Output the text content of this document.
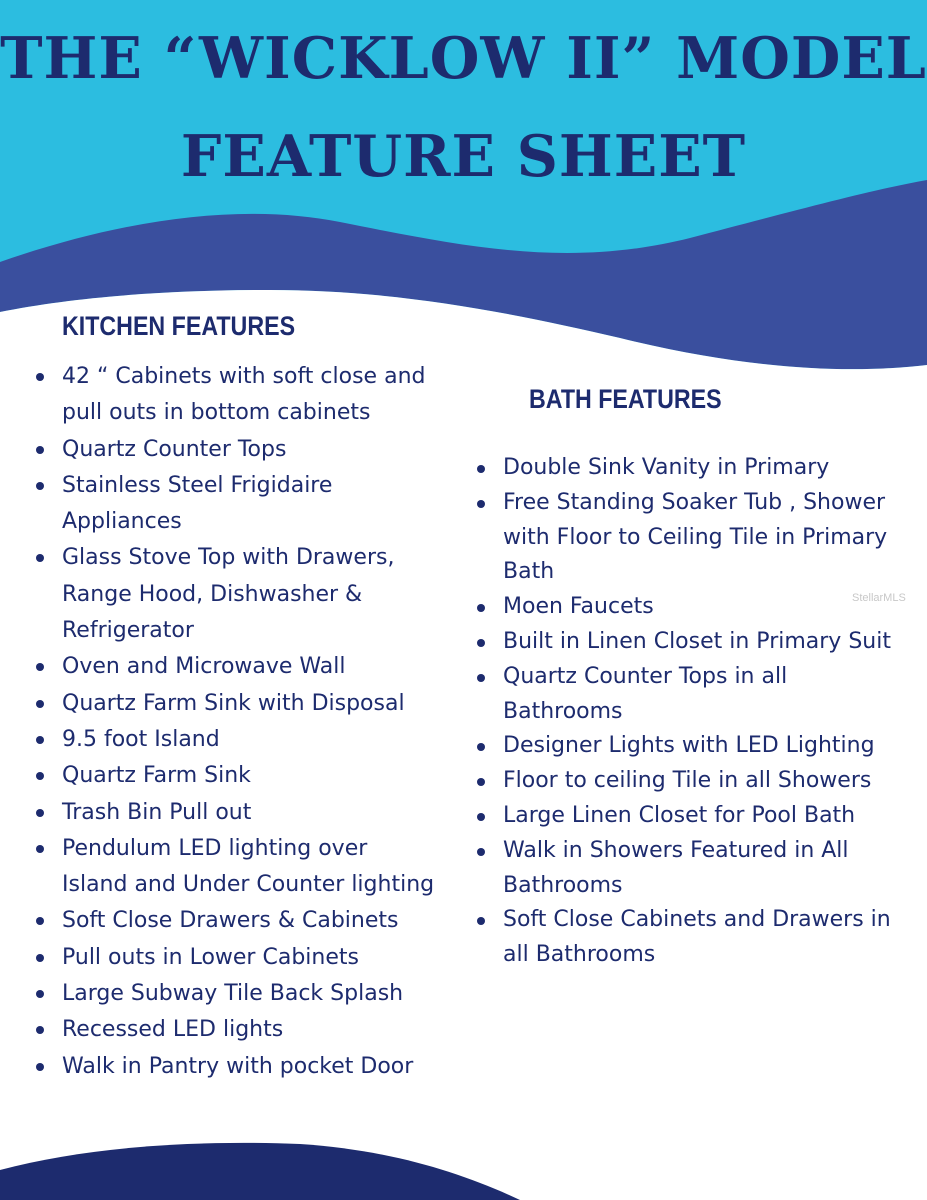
THE “WICKLOW II” MODEL
FEATURE SHEET
KITCHEN FEATURES
42 “ Cabinets with soft close and
pull outs in bottom cabinets
Quartz Counter Tops
Stainless Steel Frigidaire
Appliances
Glass Stove Top with Drawers,
Range Hood, Dishwasher &
Refrigerator
Oven and Microwave Wall
Quartz Farm Sink with Disposal
9.5 foot Island
Quartz Farm Sink
Trash Bin Pull out
Pendulum LED lighting over
Island and Under Counter lighting
Soft Close Drawers & Cabinets
Pull outs in Lower Cabinets
Large Subway Tile Back Splash
Recessed LED lights
Walk in Pantry with pocket Door
BATH FEATURES
Double Sink Vanity in Primary
Free Standing Soaker Tub , Shower
with Floor to Ceiling Tile in Primary
Bath
Moen Faucets
Built in Linen Closet in Primary Suit
Quartz Counter Tops in all
Bathrooms
Designer Lights with LED Lighting
Floor to ceiling Tile in all Showers
Large Linen Closet for Pool Bath
Walk in Showers Featured in All
Bathrooms
Soft Close Cabinets and Drawers in
all Bathrooms
StellarMLS
